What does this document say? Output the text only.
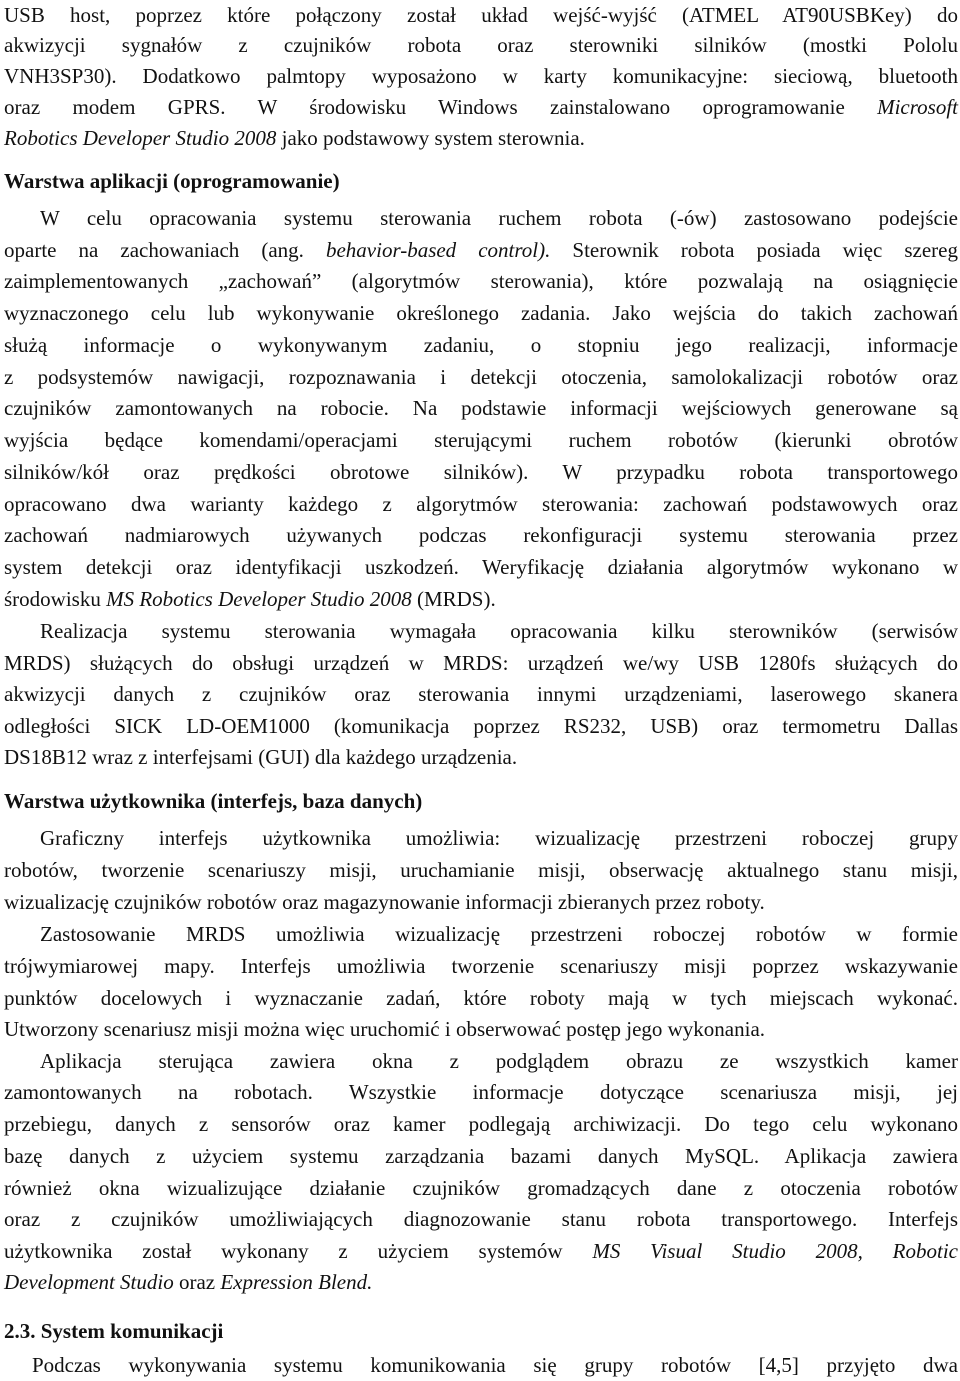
USB host, poprzez które połączony został układ wejść-wyjść (ATMEL AT90USBKey) do
akwizycji sygnałów z czujników robota oraz sterowniki silników (mostki Pololu
VNH3SP30). Dodatkowo palmtopy wyposażono w karty komunikacyjne: sieciową, bluetooth
oraz modem GPRS. W środowisku Windows zainstalowano oprogramowanie Microsoft
Robotics Developer Studio 2008 jako podstawowy system sterownia.
Warstwa aplikacji (oprogramowanie)
W celu opracowania systemu sterowania ruchem robota (-ów) zastosowano podejście
oparte na zachowaniach (ang. behavior-based control). Sterownik robota posiada więc szereg
zaimplementowanych „zachowań” (algorytmów sterowania), które pozwalają na osiągnięcie
wyznaczonego celu lub wykonywanie określonego zadania. Jako wejścia do takich zachowań
służą informacje o wykonywanym zadaniu, o stopniu jego realizacji, informacje
z podsystemów nawigacji, rozpoznawania i detekcji otoczenia, samolokalizacji robotów oraz
czujników zamontowanych na robocie. Na podstawie informacji wejściowych generowane są
wyjścia będące komendami/operacjami sterującymi ruchem robotów (kierunki obrotów
silników/kół oraz prędkości obrotowe silników). W przypadku robota transportowego
opracowano dwa warianty każdego z algorytmów sterowania: zachowań podstawowych oraz
zachowań nadmiarowych używanych podczas rekonfiguracji systemu sterowania przez
system detekcji oraz identyfikacji uszkodzeń. Weryfikację działania algorytmów wykonano w
środowisku MS Robotics Developer Studio 2008 (MRDS).
Realizacja systemu sterowania wymagała opracowania kilku sterowników (serwisów
MRDS) służących do obsługi urządzeń w MRDS: urządzeń we/wy USB 1280fs służących do
akwizycji danych z czujników oraz sterowania innymi urządzeniami, laserowego skanera
odległości SICK LD-OEM1000 (komunikacja poprzez RS232, USB) oraz termometru Dallas
DS18B12 wraz z interfejsami (GUI) dla każdego urządzenia.
Warstwa użytkownika (interfejs, baza danych)
Graficzny interfejs użytkownika umożliwia: wizualizację przestrzeni roboczej grupy
robotów, tworzenie scenariuszy misji, uruchamianie misji, obserwację aktualnego stanu misji,
wizualizację czujników robotów oraz magazynowanie informacji zbieranych przez roboty.
Zastosowanie MRDS umożliwia wizualizację przestrzeni roboczej robotów w formie
trójwymiarowej mapy. Interfejs umożliwia tworzenie scenariuszy misji poprzez wskazywanie
punktów docelowych i wyznaczanie zadań, które roboty mają w tych miejscach wykonać.
Utworzony scenariusz misji można więc uruchomić i obserwować postęp jego wykonania.
Aplikacja sterująca zawiera okna z podglądem obrazu ze wszystkich kamer
zamontowanych na robotach. Wszystkie informacje dotyczące scenariusza misji, jej
przebiegu, danych z sensorów oraz kamer podlegają archiwizacji. Do tego celu wykonano
bazę danych z użyciem systemu zarządzania bazami danych MySQL. Aplikacja zawiera
również okna wizualizujące działanie czujników gromadzących dane z otoczenia robotów
oraz z czujników umożliwiających diagnozowanie stanu robota transportowego. Interfejs
użytkownika został wykonany z użyciem systemów MS Visual Studio 2008, Robotic
Development Studio oraz Expression Blend.
2.3. System komunikacji
Podczas wykonywania systemu komunikowania się grupy robotów [4,5] przyjęto dwa
